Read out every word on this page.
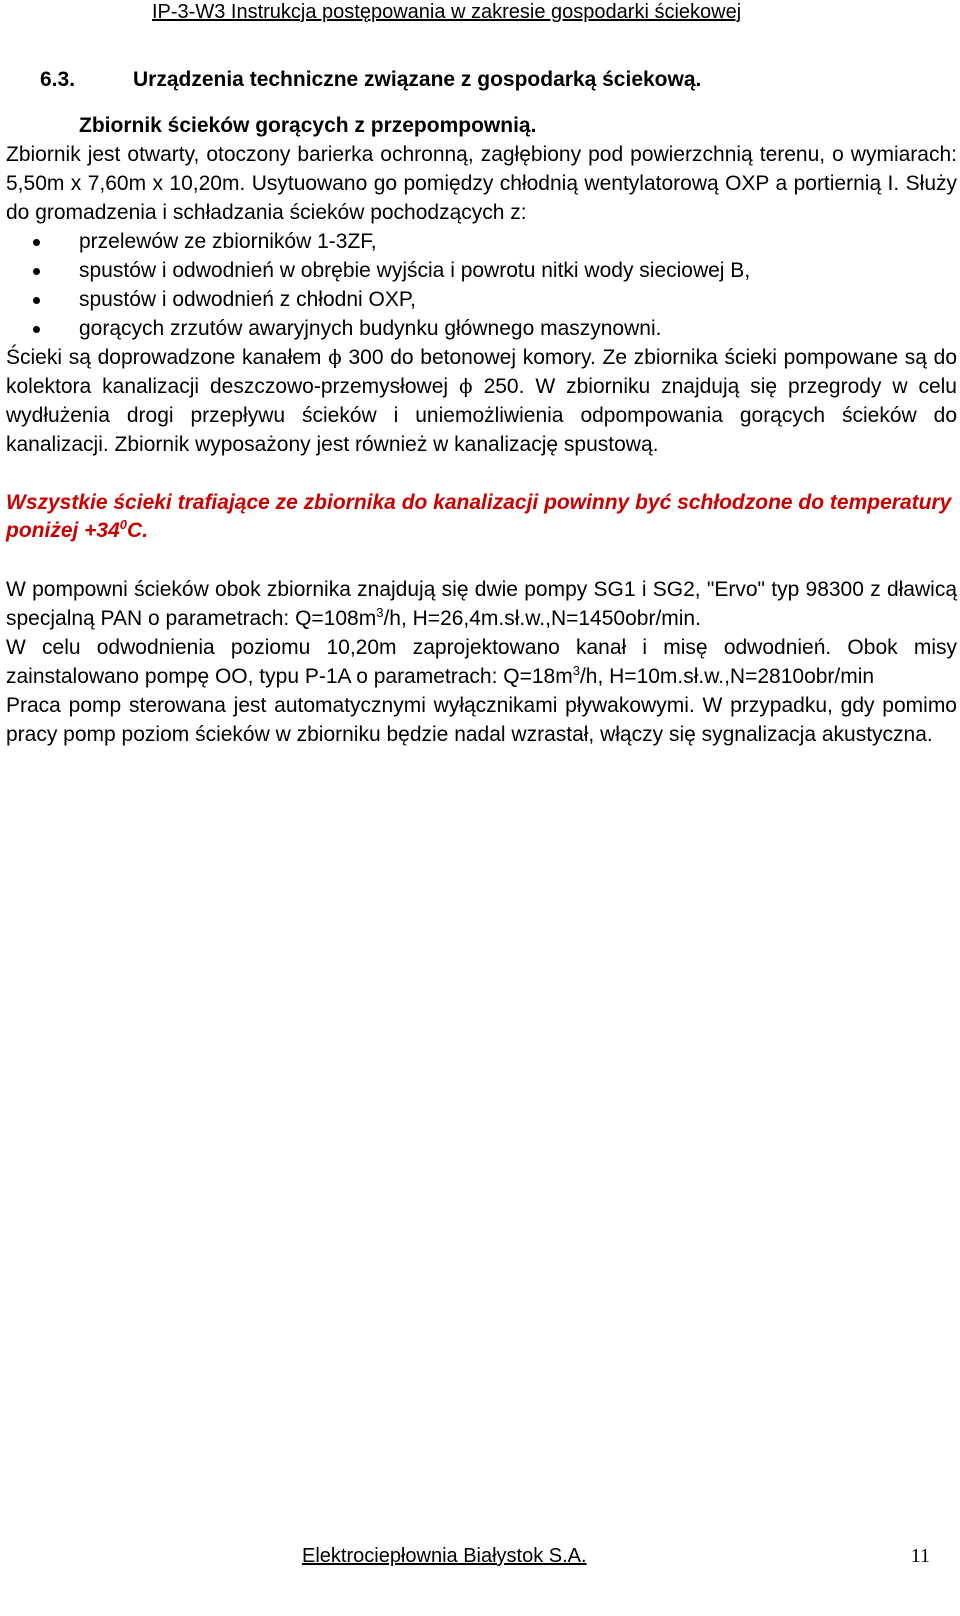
IP-3-W3 Instrukcja postępowania w zakresie gospodarki ściekowej
6.3.	Urządzenia techniczne związane z gospodarką ściekową.
Zbiornik ścieków gorących z przepompownią.

Zbiornik jest otwarty, otoczony barierka ochronną, zagłębiony pod powierzchnią terenu, o wymiarach: 5,50m x 7,60m x 10,20m. Usytuowano go pomiędzy chłodnią wentylatorową OXP a portiernią I. Służy do gromadzenia i schładzania ścieków pochodzących z:

przelewów ze zbiorników 1-3ZF,
spustów i odwodnień w obrębie wyjścia i powrotu nitki wody sieciowej B,
spustów i odwodnień z chłodni OXP,
gorących zrzutów awaryjnych budynku głównego maszynowni.

Ścieki są doprowadzone kanałem ϕ 300 do betonowej komory. Ze zbiornika ścieki pompowane są do kolektora kanalizacji deszczowo-przemysłowej ϕ 250. W zbiorniku znajdują się przegrody w celu wydłużenia drogi przepływu ścieków i uniemożliwienia odpompowania gorących ścieków do kanalizacji. Zbiornik wyposażony jest również w kanalizację spustową.

Wszystkie ścieki trafiające ze zbiornika do kanalizacji powinny być schłodzone do temperatury poniżej $+34^0C$.

W pompowni ścieków obok zbiornika znajdują się dwie pompy SG1 i SG2, "Ervo" typ 98300 z dławicą specjalną PAN o parametrach: $Q=108m^3/h$, H=26,4m.sł.w.,N=1450obr/min.

W celu odwodnienia poziomu 10,20m zaprojektowano kanał i misę odwodnień. Obok misy zainstalowano pompę OO, typu P-1A o parametrach: $Q=18m^3/h$, H=10m.sł.w.,N=2810obr/min

Praca pomp sterowana jest automatycznymi wyłącznikami pływakowymi. W przypadku, gdy pomimo pracy pomp poziom ścieków w zbiorniku będzie nadal wzrastał, włączy się sygnalizacja akustyczna.

Elektrociepłownia Białystok S.A.	11
